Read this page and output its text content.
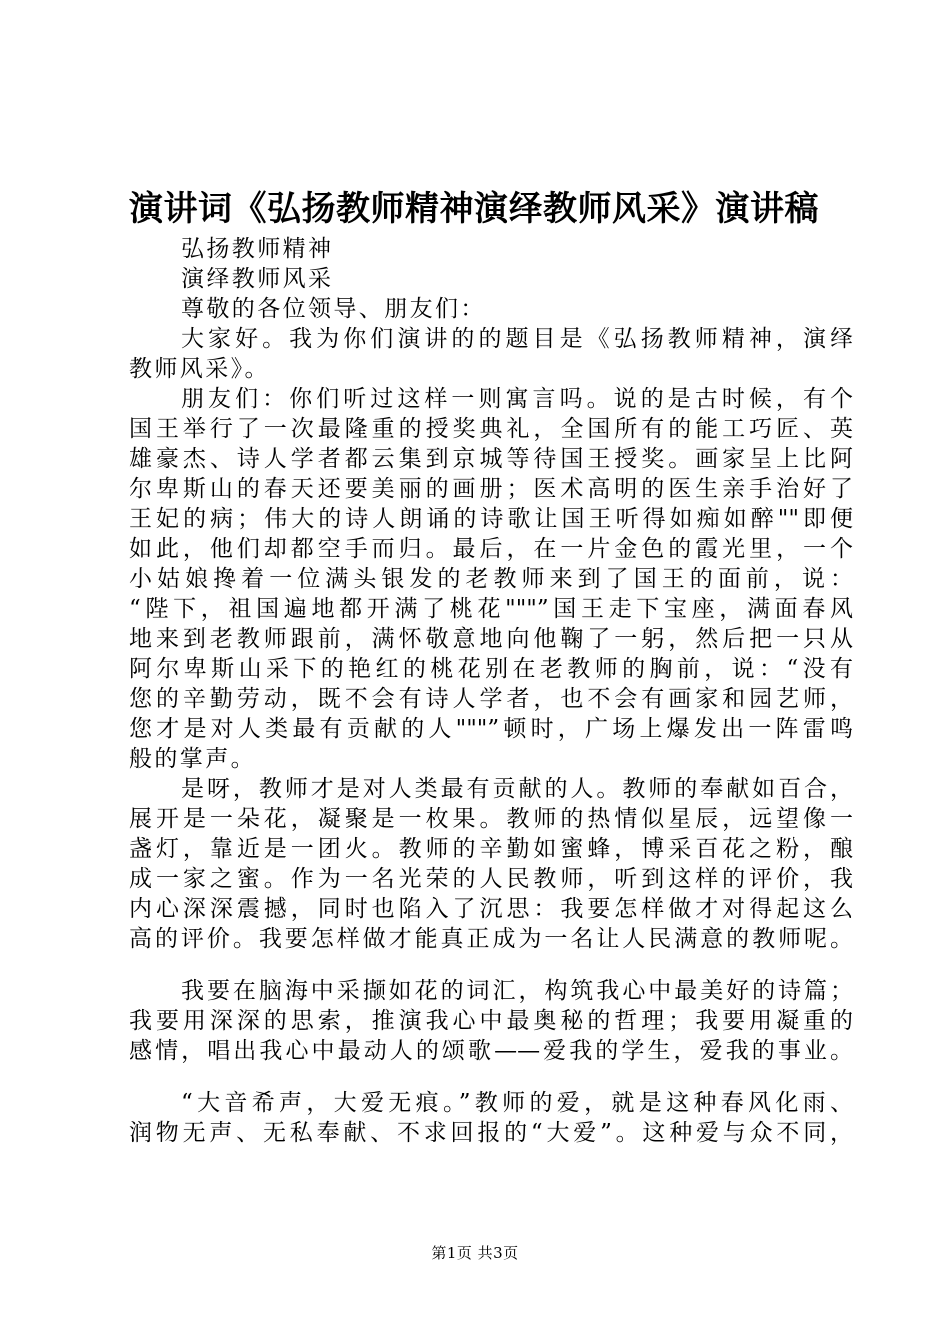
演讲词《弘扬教师精神演绎教师风采》演讲稿
弘扬教师精神
演绎教师风采
尊敬的各位领导、朋友们：
大家好。我为你们演讲的的题目是《弘扬教师精神，演绎
教师风采》。
朋友们：你们听过这样一则寓言吗。说的是古时候，有个
国王举行了一次最隆重的授奖典礼，全国所有的能工巧匠、英
雄豪杰、诗人学者都云集到京城等待国王授奖。画家呈上比阿
尔卑斯山的春天还要美丽的画册；医术高明的医生亲手治好了
王妃的病；伟大的诗人朗诵的诗歌让国王听得如痴如醉""即便
如此，他们却都空手而归。最后，在一片金色的霞光里，一个
小姑娘搀着一位满头银发的老教师来到了国王的面前，说：
“陛下，祖国遍地都开满了桃花"""”国王走下宝座，满面春风
地来到老教师跟前，满怀敬意地向他鞠了一躬，然后把一只从
阿尔卑斯山采下的艳红的桃花别在老教师的胸前，说：“没有
您的辛勤劳动，既不会有诗人学者，也不会有画家和园艺师，
您才是对人类最有贡献的人"""”顿时，广场上爆发出一阵雷鸣
般的掌声。
是呀，教师才是对人类最有贡献的人。教师的奉献如百合，
展开是一朵花，凝聚是一枚果。教师的热情似星辰，远望像一
盏灯，靠近是一团火。教师的辛勤如蜜蜂，博采百花之粉，酿
成一家之蜜。作为一名光荣的人民教师，听到这样的评价，我
内心深深震撼，同时也陷入了沉思：我要怎样做才对得起这么
高的评价。我要怎样做才能真正成为一名让人民满意的教师呢。
我要在脑海中采撷如花的词汇，构筑我心中最美好的诗篇；
我要用深深的思索，推演我心中最奥秘的哲理；我要用凝重的
感情，唱出我心中最动人的颂歌——爱我的学生，爱我的事业。
“大音希声，大爱无痕。”教师的爱，就是这种春风化雨、
润物无声、无私奉献、不求回报的“大爱”。这种爱与众不同，
第1页 共3页
